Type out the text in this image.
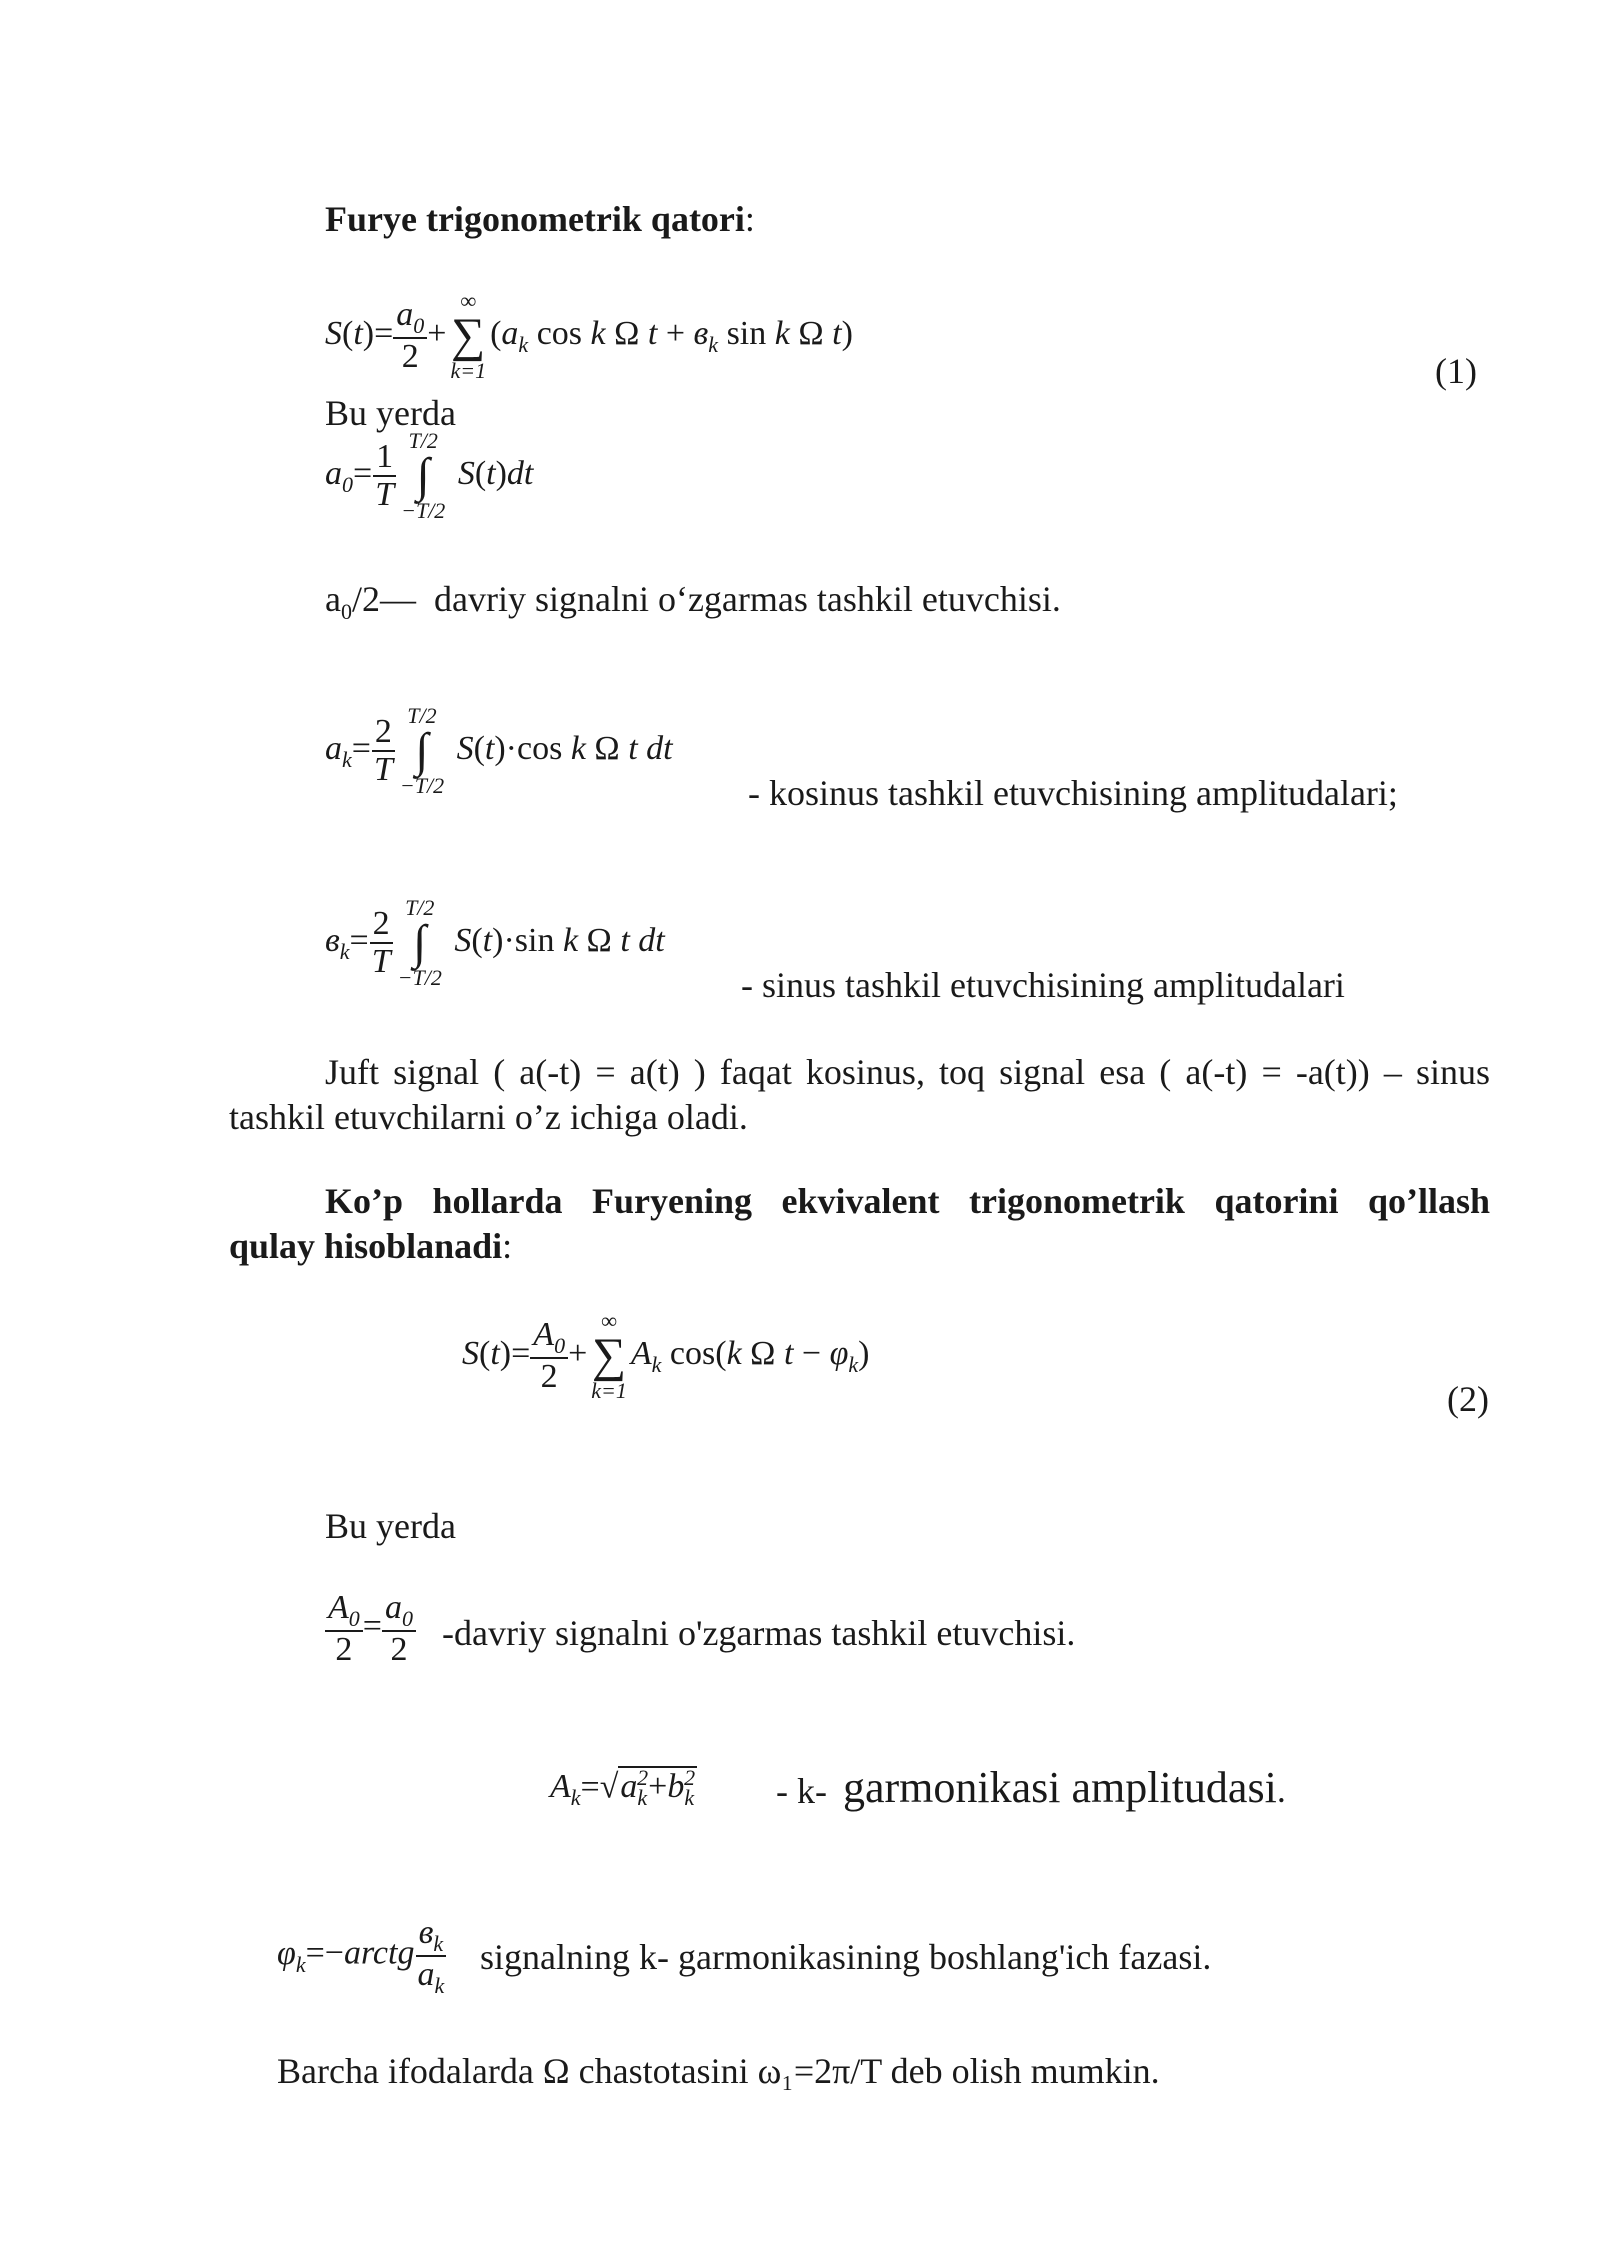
Furye trigonometrik qatori:
$S(t)= \frac{a_0}{2}$ +
∞
∑
k=1
($a_k$ cos k Ω $t + в_k$ sin k Ω t)
(1)
Bu yerda
$a_0= \frac{1}{T} T/2$
∫
−T/2
S(t)dt
$a_0/2—$  davriy signalni o‘zgarmas tashkil etuvchisi.
$a_k= \frac{2}{T} T/2$
∫
−T/2
S(t)·cos k Ω t dt
- kosinus tashkil etuvchisining amplitudalari;
$в_k= \frac{2}{T} T/2$
∫
−T/2
S(t)·sin k Ω t dt
- sinus tashkil etuvchisining amplitudalari
Juft signal ( a(-t) = a(t) ) faqat kosinus, toq signal esa ( a(-t) = -a(t)) – sinus
tashkil etuvchilarni o’z ichiga oladi.
Ko’p hollarda Furyening ekvivalent trigonometrik qatorini qo’llash
qulay hisoblanadi:
$S(t)= \frac{A_0}{2}$ +
∞
∑
k=1
$A_k$ cos(k Ω $t - \varphi_k$)
(2)
Bu yerda
$\frac{A_0}{2} = \frac{a_0}{2}$ -davriy signalni o'zgarmas tashkil etuvchisi.
$A_k=√a_k^2+b_k^2 - k-$ garmonikasi amplitudasi.
$\varphi_k=-arctg \frac{в_k}{a_k}$ signalning k- garmonikasining boshlang'ich fazasi.
Barcha ifodalarda Ω chastotasini ω₁=2π/T deb olish mumkin.
